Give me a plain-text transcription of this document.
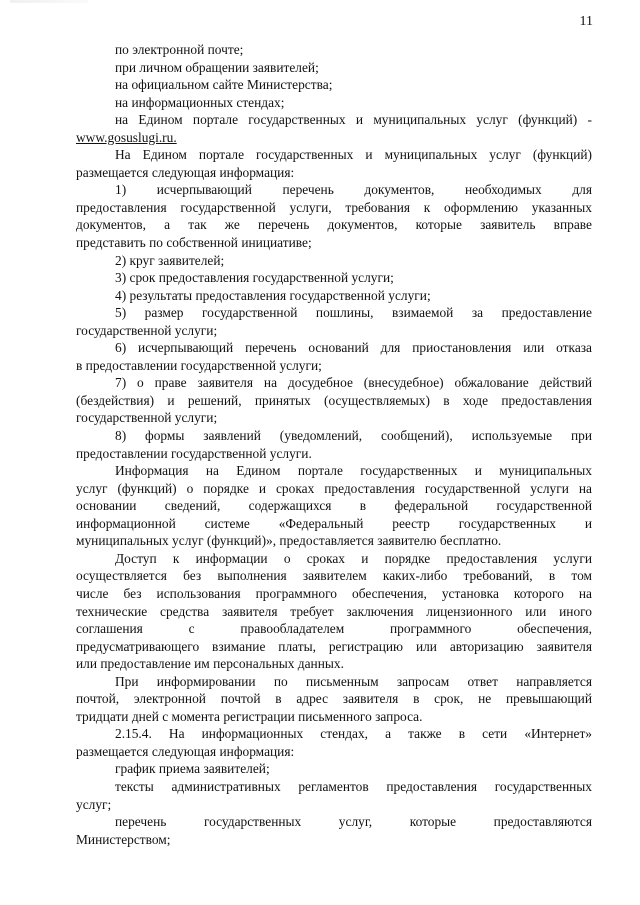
11
по электронной почте;
при личном обращении заявителей;
на официальном сайте Министерства;
на информационных стендах;
на Едином портале государственных и муниципальных услуг (функций) -
www.gosuslugi.ru.
На Едином портале государственных и муниципальных услуг (функций)
размещается следующая информация:
1) исчерпывающий перечень документов, необходимых для
предоставления государственной услуги, требования к оформлению указанных
документов, а так же перечень документов, которые заявитель вправе
представить по собственной инициативе;
2) круг заявителей;
3) срок предоставления государственной услуги;
4) результаты предоставления государственной услуги;
5) размер государственной пошлины, взимаемой за предоставление
государственной услуги;
6) исчерпывающий перечень оснований для приостановления или отказа
в предоставлении государственной услуги;
7) о праве заявителя на досудебное (внесудебное) обжалование действий
(бездействия) и решений, принятых (осуществляемых) в ходе предоставления
государственной услуги;
8) формы заявлений (уведомлений, сообщений), используемые при
предоставлении государственной услуги.
Информация на Едином портале государственных и муниципальных
услуг (функций) о порядке и сроках предоставления государственной услуги на
основании сведений, содержащихся в федеральной государственной
информационной системе «Федеральный реестр государственных и
муниципальных услуг (функций)», предоставляется заявителю бесплатно.
Доступ к информации о сроках и порядке предоставления услуги
осуществляется без выполнения заявителем каких-либо требований, в том
числе без использования программного обеспечения, установка которого на
технические средства заявителя требует заключения лицензионного или иного
соглашения с правообладателем программного обеспечения,
предусматривающего взимание платы, регистрацию или авторизацию заявителя
или предоставление им персональных данных.
При информировании по письменным запросам ответ направляется
почтой, электронной почтой в адрес заявителя в срок, не превышающий
тридцати дней с момента регистрации письменного запроса.
2.15.4. На информационных стендах, а также в сети «Интернет»
размещается следующая информация:
график приема заявителей;
тексты административных регламентов предоставления государственных
услуг;
перечень государственных услуг, которые предоставляются
Министерством;
